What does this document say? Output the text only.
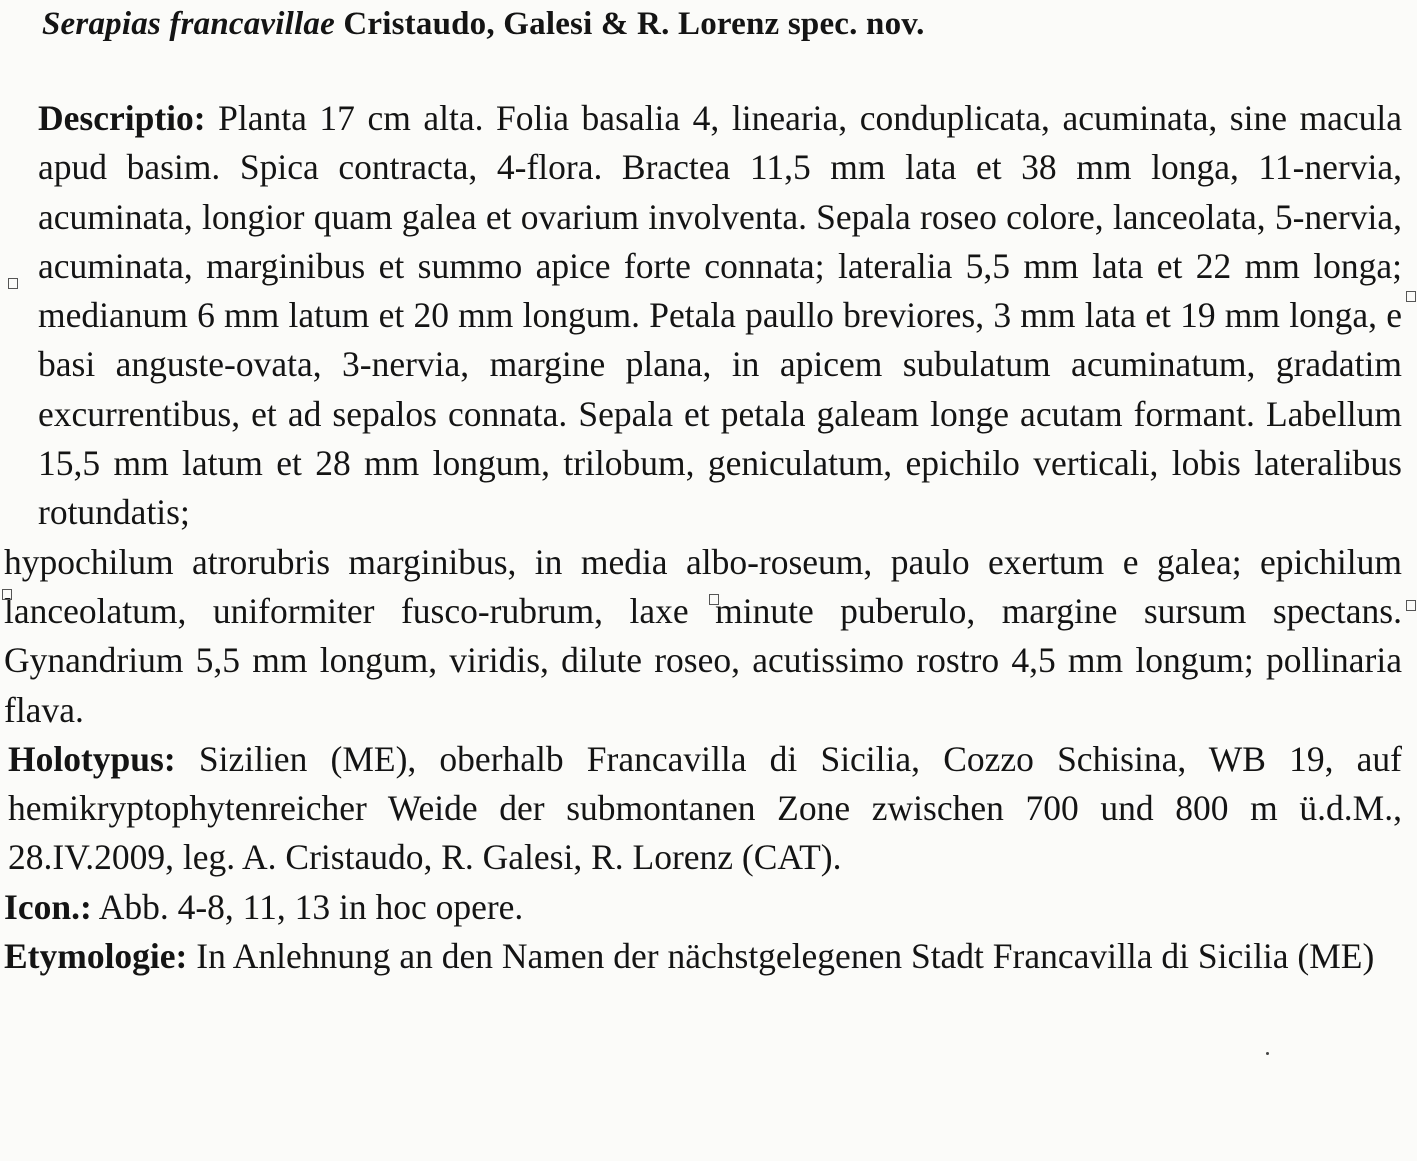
Serapias francavillae Cristaudo, Galesi & R. Lorenz spec. nov.

Descriptio: Planta 17 cm alta. Folia basalia 4, linearia, conduplicata, acuminata, sine macula apud basim. Spica contracta, 4-flora. Bractea 11,5 mm lata et 38 mm longa, 11-nervia, acuminata, longior quam galea et ovarium involventa. Sepala roseo colore, lanceolata, 5-nervia, acuminata, marginibus et summo apice forte connata; lateralia 5,5 mm lata et 22 mm longa; medianum 6 mm latum et 20 mm longum. Petala paullo breviores, 3 mm lata et 19 mm longa, e basi anguste-ovata, 3-nervia, margine plana, in apicem subulatum acuminatum, gradatim excurrentibus, et ad sepalos connata. Sepala et petala galeam longe acutam formant. Labellum 15,5 mm latum et 28 mm longum, trilobum, geniculatum, epichilo verticali, lobis lateralibus rotundatis;

hypochilum atrorubris marginibus, in media albo-roseum, paulo exertum e galea; epichilum lanceolatum, uniformiter fusco-rubrum, laxe minute puberulo, margine sursum spectans. Gynandrium 5,5 mm longum, viridis, dilute roseo, acutissimo rostro 4,5 mm longum; pollinaria flava.

Holotypus: Sizilien (ME), oberhalb Francavilla di Sicilia, Cozzo Schisina, WB 19, auf hemikryptophytenreicher Weide der submontanen Zone zwischen 700 und 800 m ü.d.M., 28.IV.2009, leg. A. Cristaudo, R. Galesi, R. Lorenz (CAT).

Icon.: Abb. 4-8, 11, 13 in hoc opere.

Etymologie: In Anlehnung an den Namen der nächstgelegenen Stadt Francavilla di Sicilia (ME)
